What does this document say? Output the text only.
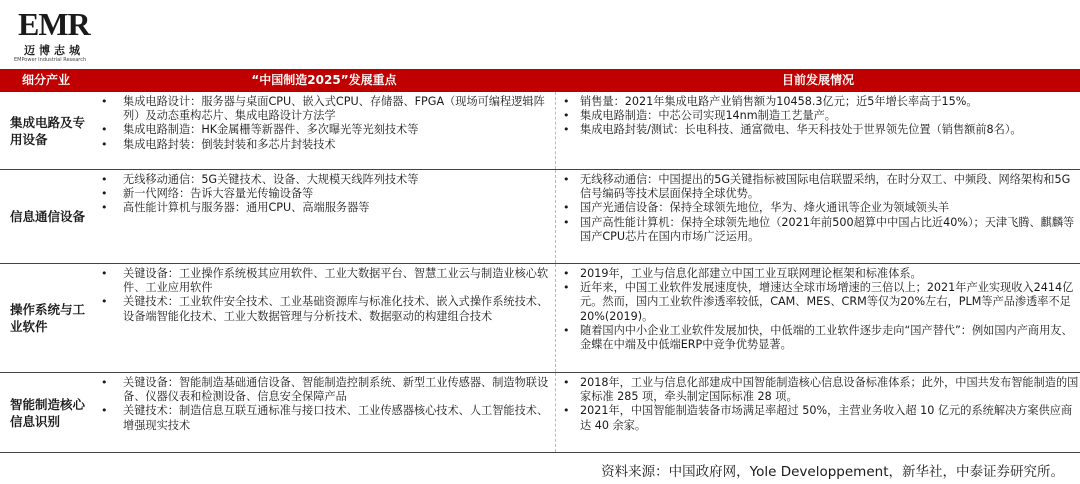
EMR
迈博志城
EMPower Industrial Research
细分产业	“中国制造2025”发展重点	目前发展情况
集成电路及专用设备
• 集成电路设计：服务器与桌面CPU、嵌入式CPU、存储器、FPGA（现场可编程逻辑阵列）及动态重构芯片、集成电路设计方法学
• 集成电路制造：HK金属栅等新器件、多次曝光等光刻技术等
• 集成电路封装：倒装封装和多芯片封装技术
• 销售量：2021年集成电路产业销售额为10458.3亿元；近5年增长率高于15%。
• 集成电路制造：中芯公司实现14nm制造工艺量产。
• 集成电路封装/测试：长电科技、通富微电、华天科技处于世界领先位置（销售额前8名）。
信息通信设备
• 无线移动通信：5G关键技术、设备、大规模天线阵列技术等
• 新一代网络：告诉大容量光传输设备等
• 高性能计算机与服务器：通用CPU、高端服务器等
• 无线移动通信：中国提出的5G关键指标被国际电信联盟采纳，在时分双工、中频段、网络架构和5G信号编码等技术层面保持全球优势。
• 国产光通信设备：保持全球领先地位，华为、烽火通讯等企业为领域领头羊
• 国产高性能计算机：保持全球领先地位（2021年前500超算中中国占比近40%）；天津飞腾、麒麟等国产CPU芯片在国内市场广泛运用。
操作系统与工业软件
• 关键设备：工业操作系统极其应用软件、工业大数据平台、智慧工业云与制造业核心软件、工业应用软件
• 关键技术：工业软件安全技术、工业基础资源库与标准化技术、嵌入式操作系统技术、设备端智能化技术、工业大数据管理与分析技术、数据驱动的构建组合技术
• 2019年，工业与信息化部建立中国工业互联网理论框架和标准体系。
• 近年来，中国工业软件发展速度快，增速达全球市场增速的三倍以上；2021年产业实现收入2414亿元。然而，国内工业软件渗透率较低，CAM、MES、CRM等仅为20%左右，PLM等产品渗透率不足20%(2019)。
• 随着国内中小企业工业软件发展加快，中低端的工业软件逐步走向“国产替代”：例如国内产商用友、金蝶在中端及中低端ERP中竞争优势显著。
智能制造核心信息识别
• 关键设备：智能制造基础通信设备、智能制造控制系统、新型工业传感器、制造物联设备、仪器仪表和检测设备、信息安全保障产品
• 关键技术：制造信息互联互通标准与接口技术、工业传感器核心技术、人工智能技术、增强现实技术
• 2018年，工业与信息化部建成中国智能制造核心信息设备标准体系；此外，中国共发布智能制造的国家标准 285 项，牵头制定国际标准 28 项。
• 2021年，中国智能制造装备市场满足率超过 50%，主营业务收入超 10 亿元的系统解决方案供应商达 40 余家。
资料来源：中国政府网，Yole Developpement，新华社，中泰证券研究所。
